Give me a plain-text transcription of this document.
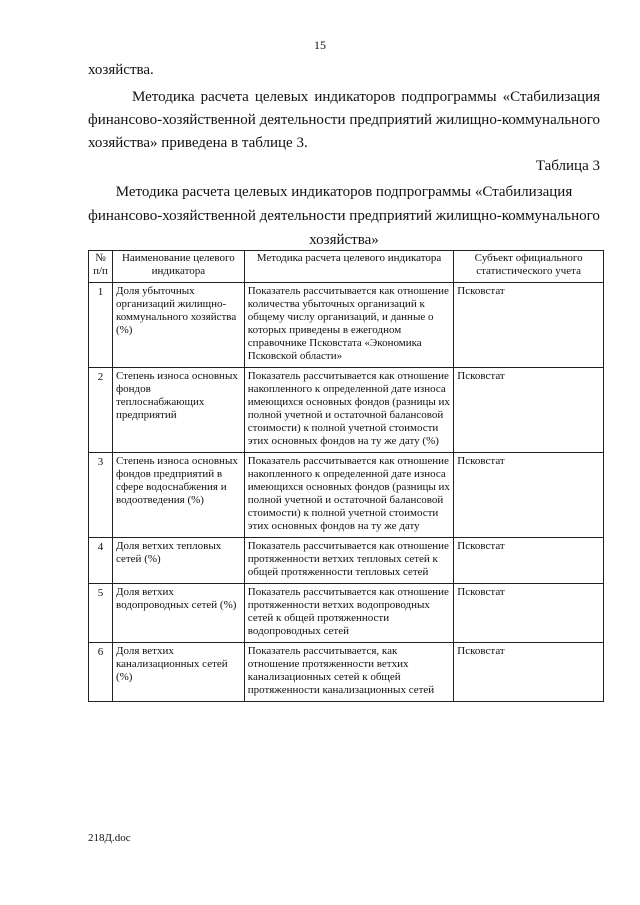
15
хозяйства.
Методика расчета целевых индикаторов подпрограммы «Стабилизация финансово-хозяйственной деятельности предприятий жилищно-коммунального хозяйства» приведена в таблице 3.
Таблица 3
Методика расчета целевых индикаторов подпрограммы «Стабилизация финансово-хозяйственной деятельности предприятий жилищно-коммунального хозяйства»
№ п/п	Наименование целевого индикатора	Методика расчета целевого индикатора	Субъект официального статистического учета
1	Доля убыточных организаций жилищно-коммунального хозяйства (%)	Показатель рассчитывается как отношение количества убыточных организаций к общему числу организаций, и данные о которых приведены в ежегодном справочнике Псковстата «Экономика Псковской области»	Псковстат
2	Степень износа основных фондов теплоснабжающих предприятий	Показатель рассчитывается как отношение накопленного к определенной дате износа имеющихся основных фондов (разницы их полной учетной и остаточной балансовой стоимости) к полной учетной стоимости этих основных фондов на ту же дату (%)	Псковстат
3	Степень износа основных фондов предприятий в сфере водоснабжения и водоотведения (%)	Показатель рассчитывается как отношение накопленного к определенной дате износа имеющихся основных фондов (разницы их полной учетной и остаточной балансовой стоимости) к полной учетной стоимости этих основных фондов на ту же дату	Псковстат
4	Доля ветхих тепловых сетей (%)	Показатель рассчитывается как отношение протяженности ветхих тепловых сетей к общей протяженности тепловых сетей	Псковстат
5	Доля ветхих водопроводных сетей (%)	Показатель рассчитывается как отношение протяженности ветхих водопроводных сетей к общей протяженности водопроводных сетей	Псковстат
6	Доля ветхих канализационных сетей (%)	Показатель рассчитывается, как отношение протяженности ветхих канализационных сетей к общей протяженности канализационных сетей	Псковстат
218Д.doc
